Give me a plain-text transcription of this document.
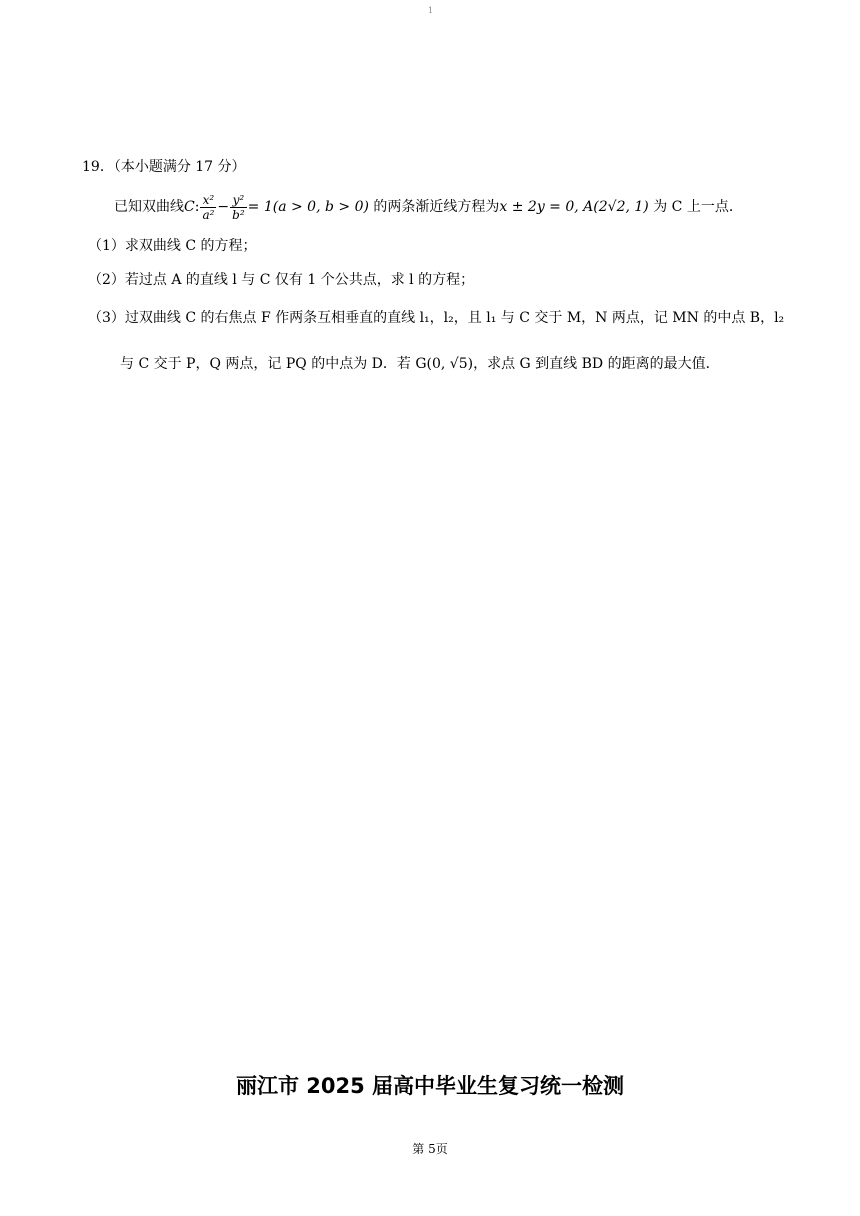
1
19．（本小题满分 17 分）
已知双曲线C: $\frac{\text{x²}}{\text{a²}} - \frac{\text{y²}}{\text{b²}} = 1(a > 0$, b > 0) 的两条渐近线方程为x ± 2y = 0, A(2√2, 1) 为 C 上一点．
（1）求双曲线 C 的方程；
（2）若过点 A 的直线 l 与 C 仅有 1 个公共点，求 l 的方程；
（3）过双曲线 C 的右焦点 F 作两条互相垂直的直线 l₁，l₂，且 l₁ 与 C 交于 M，N 两点，记 MN 的中点 B，l₂
与 C 交于 P，Q 两点，记 PQ 的中点为 D．若 G(0, √5)，求点 G 到直线 BD 的距离的最大值．
丽江市 2025 届高中毕业生复习统一检测
第 5页
